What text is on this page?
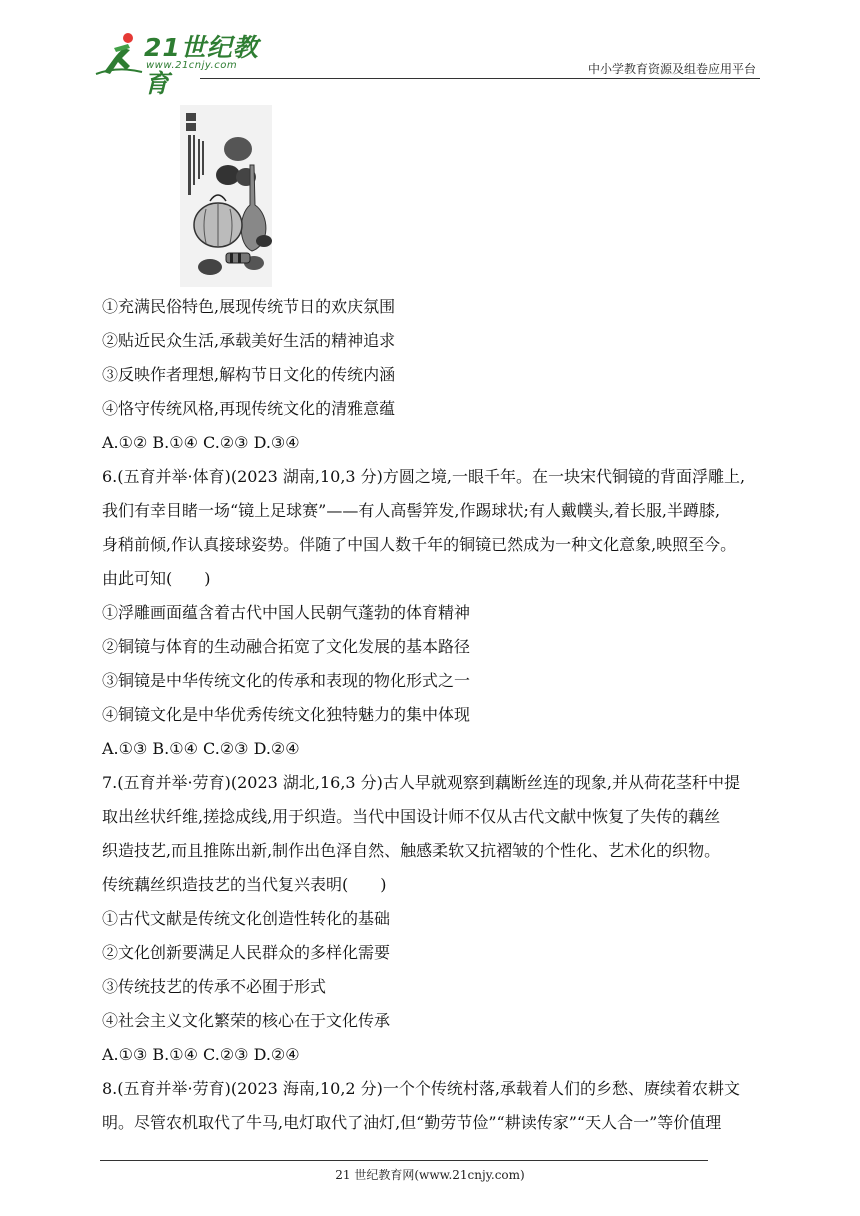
21世纪教育
www.21cnjy.com	中小学教育资源及组卷应用平台
①充满民俗特色,展现传统节日的欢庆氛围
②贴近民众生活,承载美好生活的精神追求
③反映作者理想,解构节日文化的传统内涵
④恪守传统风格,再现传统文化的清雅意蕴
A.①② B.①④ C.②③ D.③④
6.(五育并举·体育)(2023 湖南,10,3 分)方圆之境,一眼千年。在一块宋代铜镜的背面浮雕上,
我们有幸目睹一场“镜上足球赛”——有人高髻笄发,作踢球状;有人戴幞头,着长服,半蹲膝,
身稍前倾,作认真接球姿势。伴随了中国人数千年的铜镜已然成为一种文化意象,映照至今。
由此可知(　　)
①浮雕画面蕴含着古代中国人民朝气蓬勃的体育精神
②铜镜与体育的生动融合拓宽了文化发展的基本路径
③铜镜是中华传统文化的传承和表现的物化形式之一
④铜镜文化是中华优秀传统文化独特魅力的集中体现
A.①③ B.①④ C.②③ D.②④
7.(五育并举·劳育)(2023 湖北,16,3 分)古人早就观察到藕断丝连的现象,并从荷花茎秆中提
取出丝状纤维,搓捻成线,用于织造。当代中国设计师不仅从古代文献中恢复了失传的藕丝
织造技艺,而且推陈出新,制作出色泽自然、触感柔软又抗褶皱的个性化、艺术化的织物。
传统藕丝织造技艺的当代复兴表明(　　)
①古代文献是传统文化创造性转化的基础
②文化创新要满足人民群众的多样化需要
③传统技艺的传承不必囿于形式
④社会主义文化繁荣的核心在于文化传承
A.①③ B.①④ C.②③ D.②④
8.(五育并举·劳育)(2023 海南,10,2 分)一个个传统村落,承载着人们的乡愁、赓续着农耕文
明。尽管农机取代了牛马,电灯取代了油灯,但“勤劳节俭”“耕读传家”“天人合一”等价值理
21 世纪教育网(www.21cnjy.com)
